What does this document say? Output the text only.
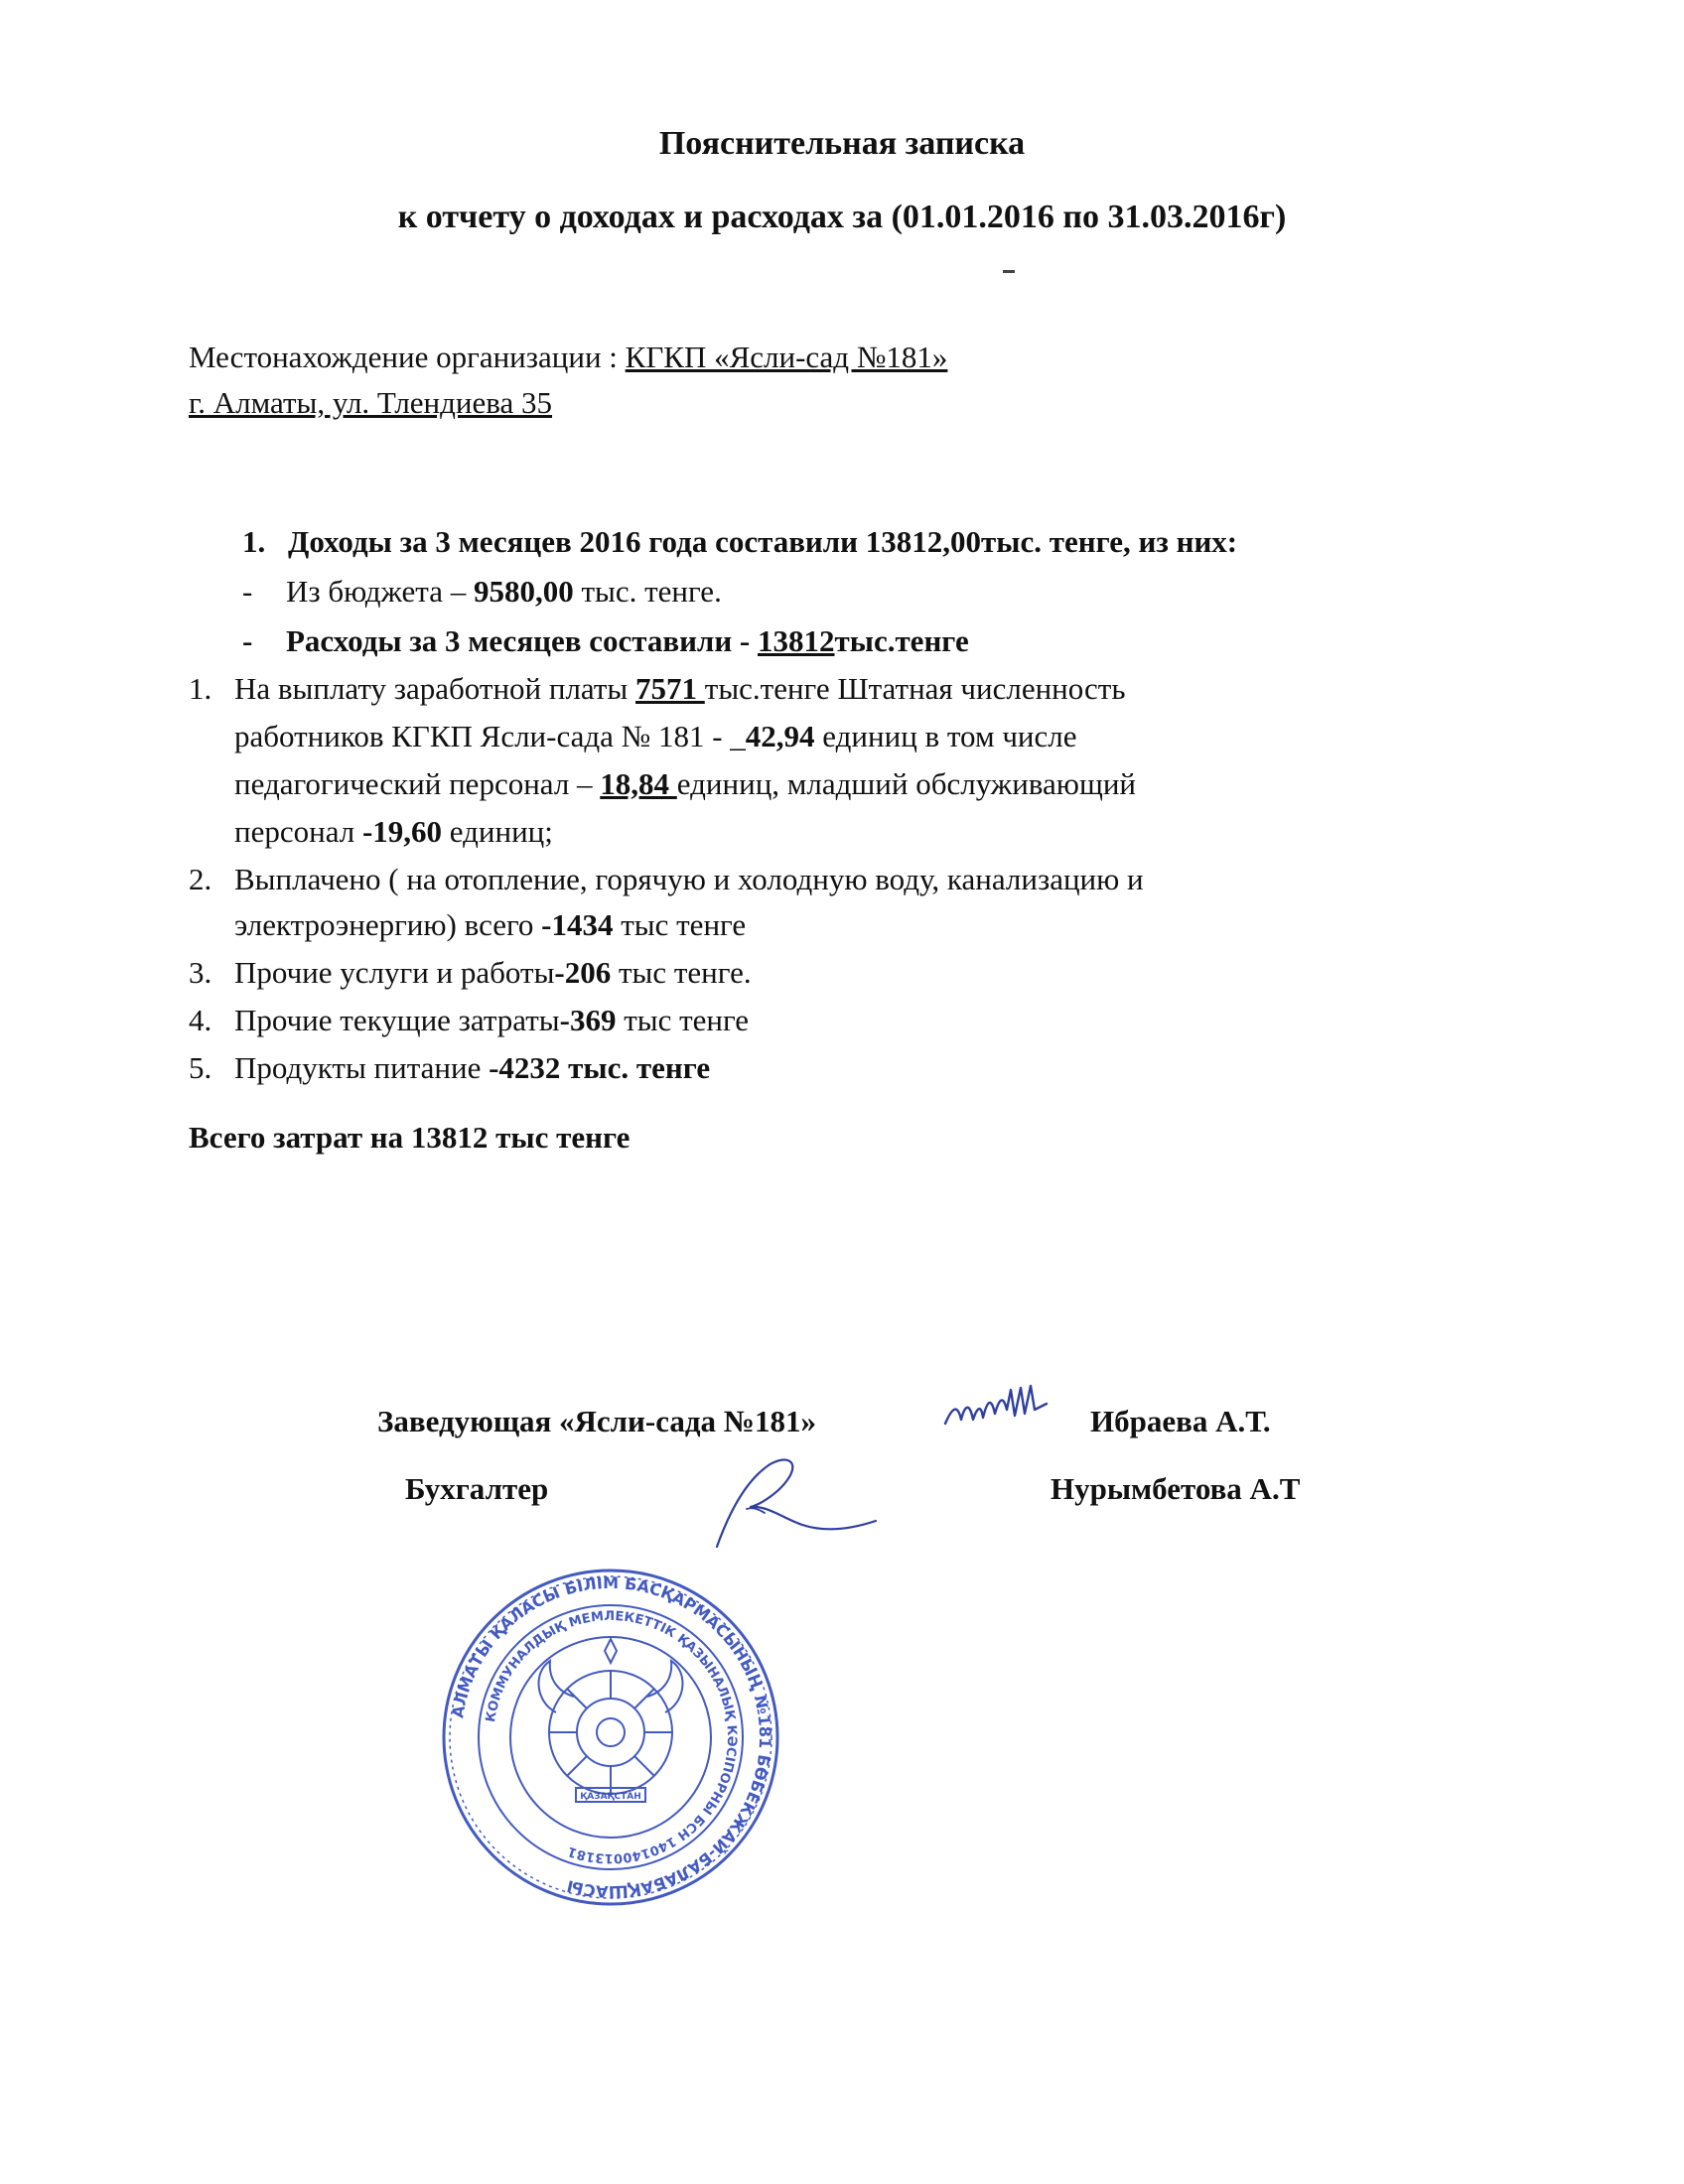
Пояснительная записка
к отчету о доходах и расходах за (01.01.2016 по 31.03.2016г)
Местонахождение организации : КГКП «Ясли-сад №181»
г. Алматы, ул. Тлендиева 35
1. Доходы за 3 месяцев 2016 года составили 13812,00тыс. тенге, из них:
- Из бюджета – 9580,00 тыс. тенге.
- Расходы за 3 месяцев составили - 13812тыс.тенге
1. На выплату заработной платы 7571 тыс.тенге Штатная численность
работников КГКП Ясли-сада № 181 - _42,94 единиц в том числе
педагогический персонал – 18,84 единиц, младший обслуживающий
персонал -19,60 единиц;
2. Выплачено ( на отопление, горячую и холодную воду, канализацию и
электроэнергию) всего -1434 тыс тенге
3. Прочие услуги и работы-206 тыс тенге.
4. Прочие текущие затраты-369 тыс тенге
5. Продукты питание -4232 тыс. тенге
Всего затрат на 13812 тыс тенге
Заведующая «Ясли-сада №181»	Ибраева А.Т.
Бухгалтер	Нурымбетова А.Т
АЛМАТЫ ҚАЛАСЫ БІЛІМ БАСҚАРМАСЫНЫҢ №181 БӨБЕКЖАЙ-БАЛАБАҚШАСЫ
КОММУНАЛДЫҚ МЕМЛЕКЕТТІК ҚАЗЫНАЛЫҚ КӘСІПОРНЫ БСН 140140013181
ҚАЗАҚСТАН
